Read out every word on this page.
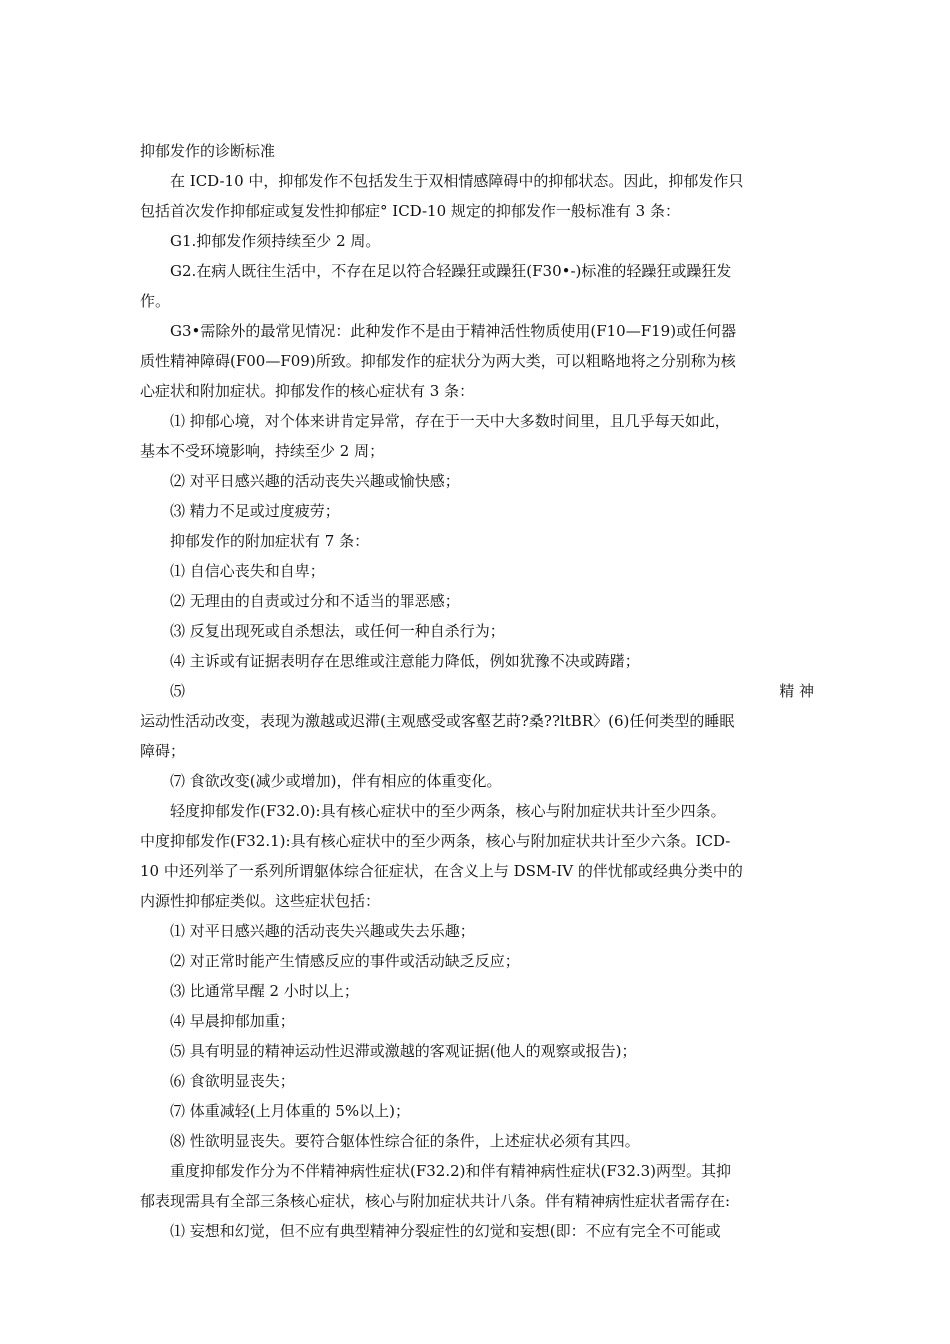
抑郁发作的诊断标准
在 ICD-10 中，抑郁发作不包括发生于双相情感障碍中的抑郁状态。因此，抑郁发作只
包括首次发作抑郁症或复发性抑郁症° ICD-10 规定的抑郁发作一般标准有 3 条：
G1.抑郁发作须持续至少 2 周。
G2.在病人既往生活中，不存在足以符合轻躁狂或躁狂(F30•-)标准的轻躁狂或躁狂发
作。
G3•需除外的最常见情况：此种发作不是由于精神活性物质使用(F10—F19)或任何器
质性精神障碍(F00—F09)所致。抑郁发作的症状分为两大类，可以粗略地将之分别称为核
心症状和附加症状。抑郁发作的核心症状有 3 条：
⑴ 抑郁心境，对个体来讲肯定异常，存在于一天中大多数时间里，且几乎每天如此，
基本不受环境影响，持续至少 2 周；
⑵ 对平日感兴趣的活动丧失兴趣或愉快感；
⑶ 精力不足或过度疲劳；
抑郁发作的附加症状有 7 条：
⑴ 自信心丧失和自卑；
⑵ 无理由的自责或过分和不适当的罪恶感；
⑶ 反复出现死或自杀想法，或任何一种自杀行为；
⑷ 主诉或有证据表明存在思维或注意能力降低，例如犹豫不决或踌躇；
⑸	精 神
运动性活动改变，表现为激越或迟滞(主观感受或客壑艺莳?桑??ltBR〉(6)任何类型的睡眠
障碍；
⑺ 食欲改变(减少或增加)，伴有相应的体重变化。
轻度抑郁发作(F32.0):具有核心症状中的至少两条，核心与附加症状共计至少四条。
中度抑郁发作(F32.1):具有核心症状中的至少两条，核心与附加症状共计至少六条。ICD-
10 中还列举了一系列所谓躯体综合征症状，在含义上与 DSM-IV 的伴忧郁或经典分类中的
内源性抑郁症类似。这些症状包括：
⑴ 对平日感兴趣的活动丧失兴趣或失去乐趣；
⑵ 对正常时能产生情感反应的事件或活动缺乏反应；
⑶ 比通常早醒 2 小时以上；
⑷ 早晨抑郁加重；
⑸ 具有明显的精神运动性迟滞或激越的客观证据(他人的观察或报告)；
⑹ 食欲明显丧失；
⑺ 体重减轻(上月体重的 5%以上)；
⑻ 性欲明显丧失。要符合躯体性综合征的条件，上述症状必须有其四。
重度抑郁发作分为不伴精神病性症状(F32.2)和伴有精神病性症状(F32.3)两型。其抑
郁表现需具有全部三条核心症状，核心与附加症状共计八条。伴有精神病性症状者需存在:
⑴ 妄想和幻觉，但不应有典型精神分裂症性的幻觉和妄想(即：不应有完全不可能或
